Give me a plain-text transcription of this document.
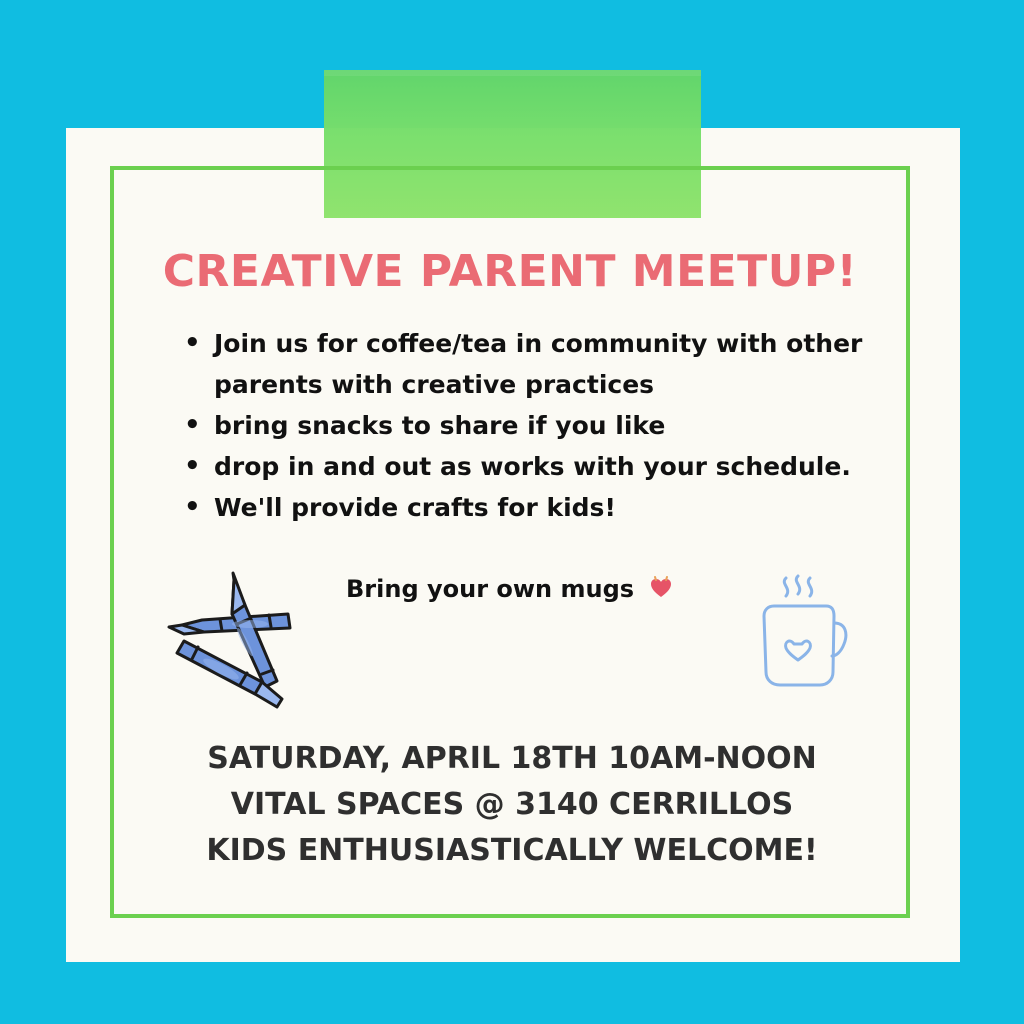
CREATIVE PARENT MEETUP!
• Join us for coffee/tea in community with other parents with creative practices
• bring snacks to share if you like
• drop in and out as works with your schedule.
• We'll provide crafts for kids!

Bring your own mugs

SATURDAY, APRIL 18TH 10AM-NOON
VITAL SPACES @ 3140 CERRILLOS
KIDS ENTHUSIASTICALLY WELCOME!
